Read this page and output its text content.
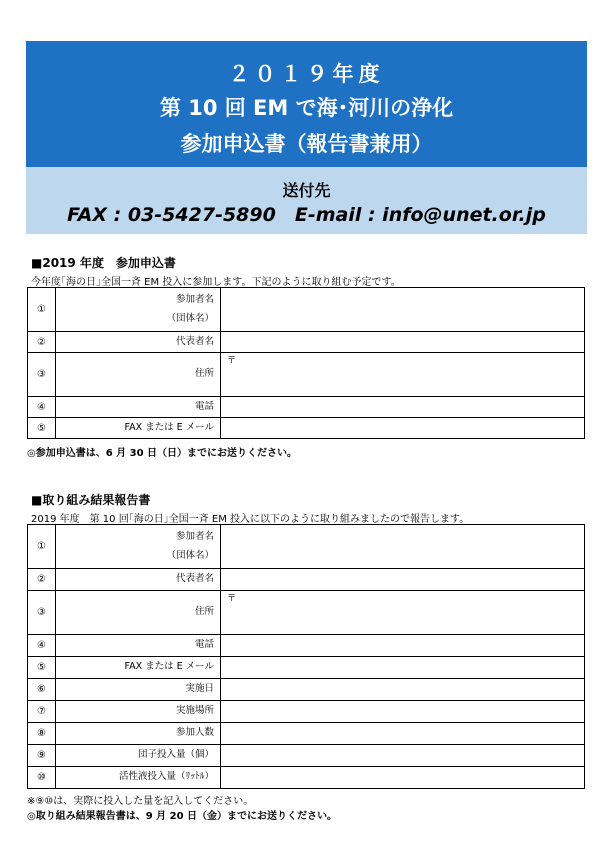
２０１９年度
第 10 回 EM で海･河川の浄化
参加申込書（報告書兼用）
送付先
FAX : 03-5427-5890　E-mail : info@unet.or.jp
■2019 年度　参加申込書
今年度｢海の日｣全国一斉 EM 投入に参加します。下記のように取り組む予定です。
①	参加者名
（団体名）	
②	代表者名	
③	住所	〒
④	電話	
⑤	FAX または E メール	
◎参加申込書は、6 月 30 日（日）までにお送りください。
■取り組み結果報告書
2019 年度　第 10 回｢海の日｣全国一斉 EM 投入に以下のように取り組みましたので報告します。
①	参加者名
（団体名）	
②	代表者名	
③	住所	〒
④	電話	
⑤	FAX または E メール	
⑥	実施日	
⑦	実施場所	
⑧	参加人数	
⑨	団子投入量（個）	
⑩	活性液投入量（ﾘｯﾄﾙ）	
※⑨⑩は、実際に投入した量を記入してください。
◎取り組み結果報告書は、9 月 20 日（金）までにお送りください。
